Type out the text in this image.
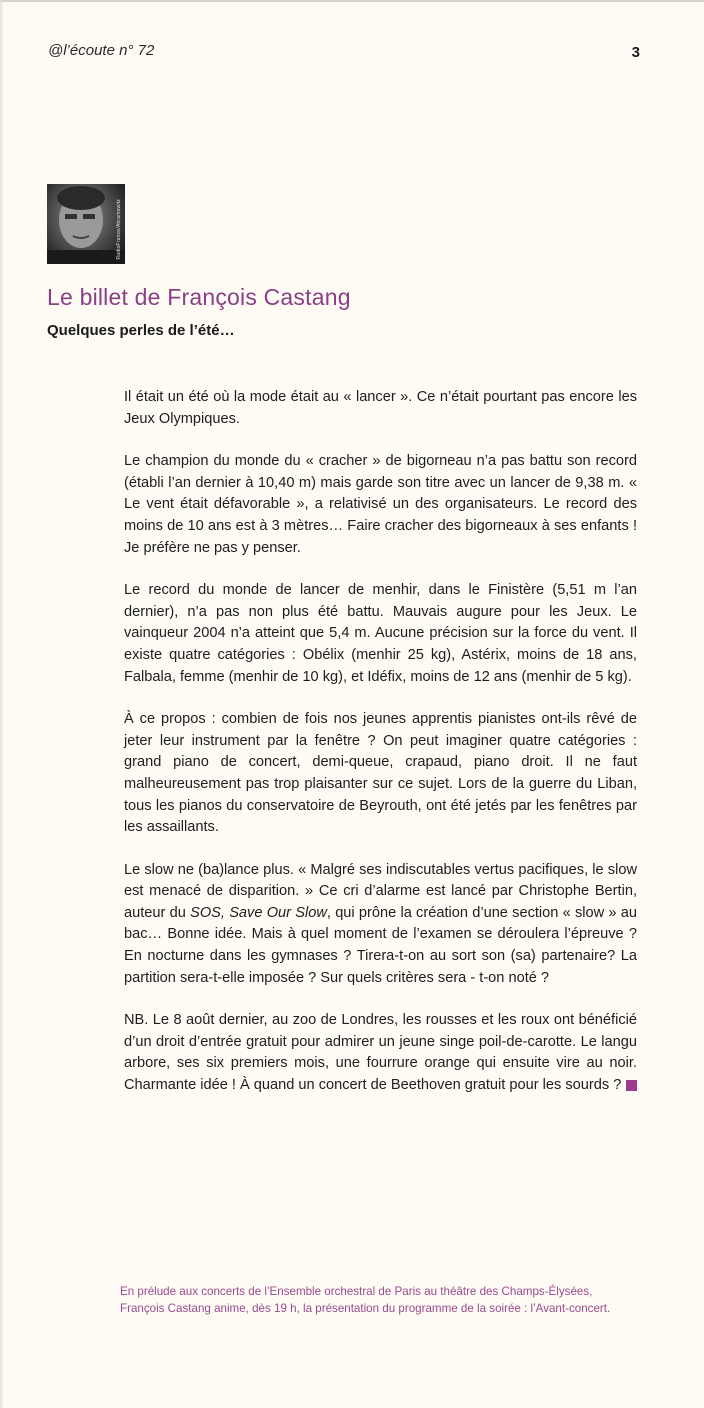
​
@l’écoute n° 72	3
RadioFrance/Abramowitz
Le billet de François Castang
Quelques perles de l’été…

Il était un été où la mode était au « lancer ». Ce n’était pourtant pas encore les Jeux Olympiques.

Le champion du monde du « cracher » de bigorneau n’a pas battu son record (établi l’an dernier à 10,40 m) mais garde son titre avec un lancer de 9,38 m. « Le vent était défavorable », a relativisé un des organisateurs. Le record des moins de 10 ans est à 3 mètres… Faire cracher des bigorneaux à ses enfants ! Je préfère ne pas y penser.

Le record du monde de lancer de menhir, dans le Finistère (5,51 m l’an dernier), n’a pas non plus été battu. Mauvais augure pour les Jeux. Le vainqueur 2004 n’a atteint que 5,4 m. Aucune précision sur la force du vent. Il existe quatre catégories : Obélix (menhir 25 kg), Astérix, moins de 18 ans, Falbala, femme (menhir de 10 kg), et Idéfix, moins de 12 ans (menhir de 5 kg).

À ce propos : combien de fois nos jeunes apprentis pianistes ont-ils rêvé de jeter leur instrument par la fenêtre ? On peut imaginer quatre catégories : grand piano de concert, demi-queue, crapaud, piano droit. Il ne faut malheureusement pas trop plaisanter sur ce sujet. Lors de la guerre du Liban, tous les pianos du conservatoire de Beyrouth, ont été jetés par les fenêtres par les assaillants.

Le slow ne (ba)lance plus. « Malgré ses indiscutables vertus pacifiques, le slow est menacé de disparition. » Ce cri d’alarme est lancé par Christophe Bertin, auteur du SOS, Save Our Slow, qui prône la création d’une section « slow » au bac… Bonne idée. Mais à quel moment de l’examen se déroulera l’épreuve ? En nocturne dans les gymnases ? Tirera-t-on au sort son (sa) partenaire? La partition sera-t-elle imposée ? Sur quels critères sera - t-on noté ?

NB. Le 8 août dernier, au zoo de Londres, les rousses et les roux ont bénéficié d’un droit d’entrée gratuit pour admirer un jeune singe poil-de-carotte. Le langu arbore, ses six premiers mois, une fourrure orange qui ensuite vire au noir. Charmante idée ! À quand un concert de Beethoven gratuit pour les sourds ?

En prélude aux concerts de l’Ensemble orchestral de Paris au théâtre des Champs-Élysées, François Castang anime, dès 19 h, la présentation du programme de la soirée : l’Avant-concert.
